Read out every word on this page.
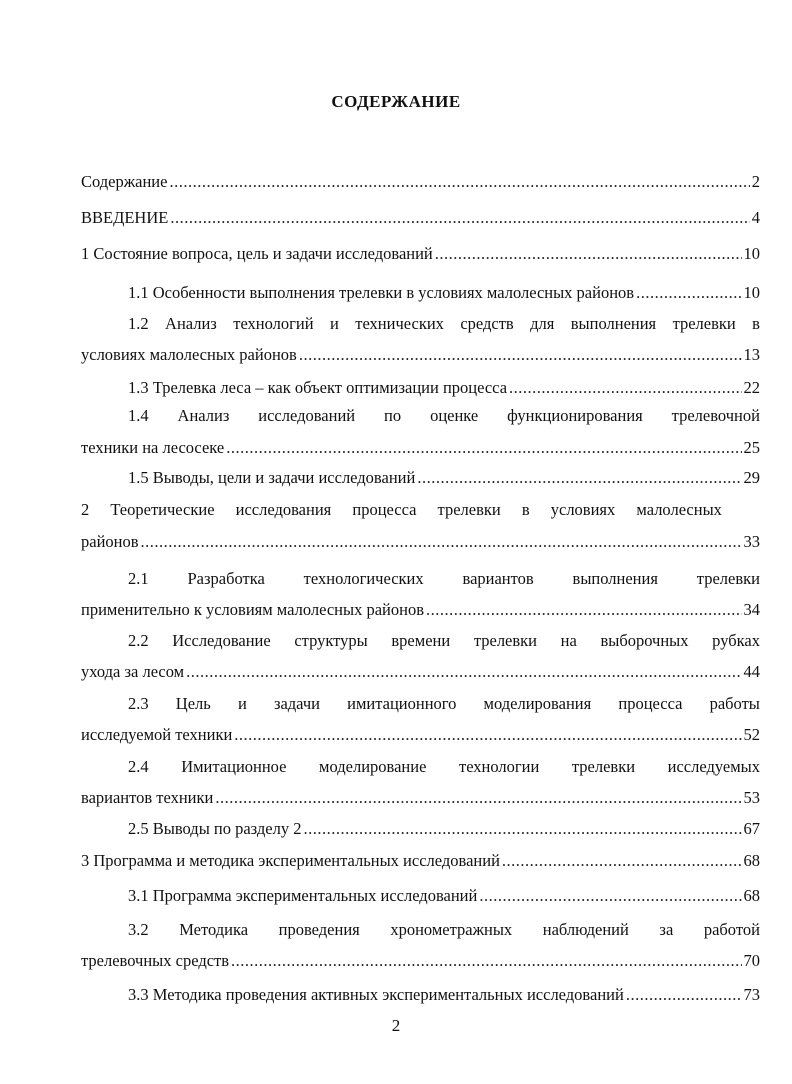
СОДЕРЖАНИЕ
Содержание .....	2
ВВЕДЕНИЕ .....	4
1 Состояние вопроса, цель и задачи исследований .....	10
1.1 Особенности выполнения трелевки в условиях малолесных районов .....	10
1.2 Анализ технологий и технических средств для выполнения трелевки в
условиях малолесных районов .....	13
1.3 Трелевка леса – как объект оптимизации процесса .....	22
1.4 Анализ исследований по оценке функционирования трелевочной
техники на лесосеке .....	25
1.5 Выводы, цели и задачи исследований .....	29
2 Теоретические исследования процесса трелевки в условиях малолесных
районов .....	33
2.1 Разработка технологических вариантов выполнения трелевки
применительно к условиям малолесных районов .....	34
2.2 Исследование структуры времени трелевки на выборочных рубках
ухода за лесом .....	44
2.3 Цель и задачи имитационного моделирования процесса работы
исследуемой техники .....	52
2.4 Имитационное моделирование технологии трелевки исследуемых
вариантов техники .....	53
2.5 Выводы по разделу 2 .....	67
3 Программа и методика экспериментальных исследований .....	68
3.1 Программа экспериментальных исследований .....	68
3.2 Методика проведения хронометражных наблюдений за работой
трелевочных средств .....	70
3.3 Методика проведения активных экспериментальных исследований .....	73
2
